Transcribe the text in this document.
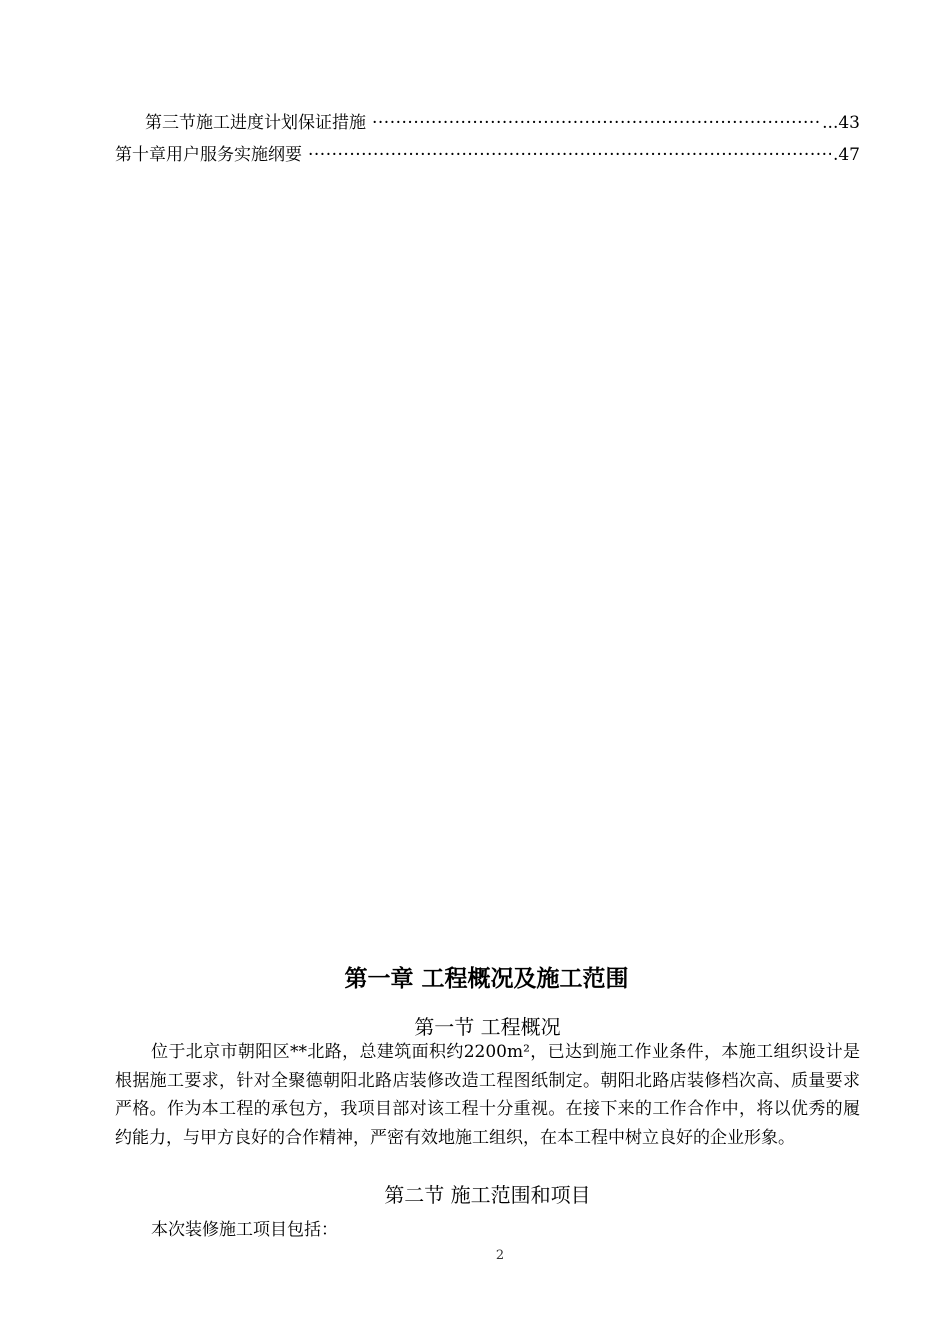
第三节施工进度计划保证措施 ·····	...43
第十章用户服务实施纲要 ·····	.47
第一章 工程概况及施工范围
第一节 工程概况
位于北京市朝阳区**北路，总建筑面积约2200m²，已达到施工作业条件，本施工组织设计是根据施工要求，针对全聚德朝阳北路店装修改造工程图纸制定。朝阳北路店装修档次高、质量要求严格。作为本工程的承包方，我项目部对该工程十分重视。在接下来的工作合作中，将以优秀的履约能力，与甲方良好的合作精神，严密有效地施工组织，在本工程中树立良好的企业形象。
第二节 施工范围和项目
本次装修施工项目包括：
2
